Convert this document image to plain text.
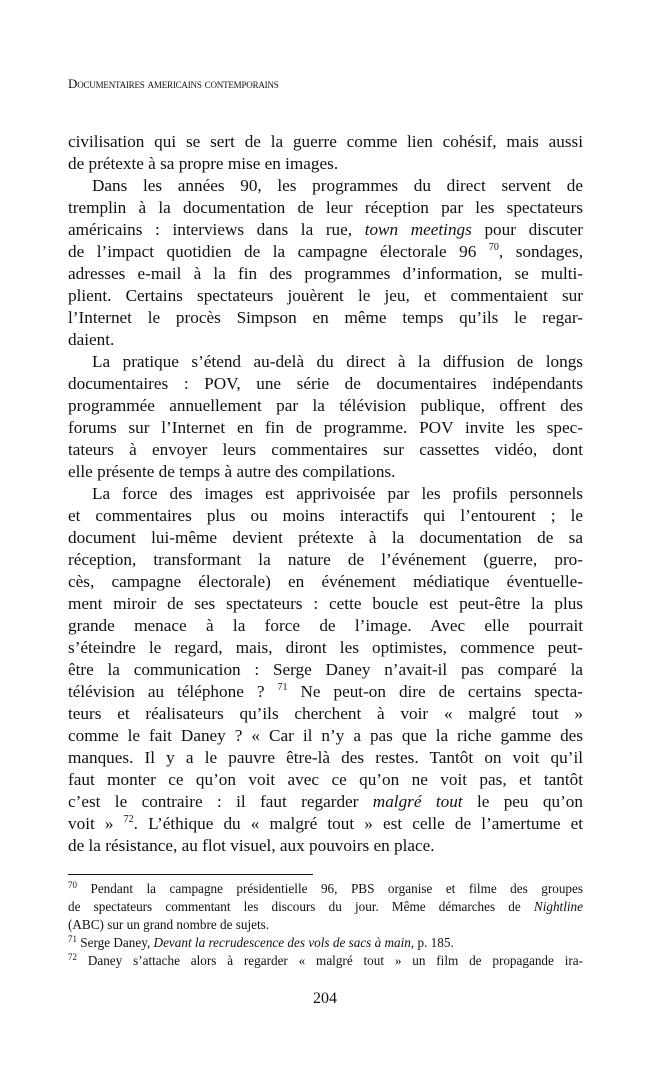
Documentaires americains contemporains
civilisation qui se sert de la guerre comme lien cohésif, mais aussi
de prétexte à sa propre mise en images.
Dans les années 90, les programmes du direct servent de
tremplin à la documentation de leur réception par les spectateurs
américains : interviews dans la rue, town meetings pour discuter
de l’impact quotidien de la campagne électorale 96 $^{70}$, sondages,
adresses e-mail à la fin des programmes d’information, se multi-
plient. Certains spectateurs jouèrent le jeu, et commentaient sur
l’Internet le procès Simpson en même temps qu’ils le regar-
daient.
La pratique s’étend au-delà du direct à la diffusion de longs
documentaires : POV, une série de documentaires indépendants
programmée annuellement par la télévision publique, offrent des
forums sur l’Internet en fin de programme. POV invite les spec-
tateurs à envoyer leurs commentaires sur cassettes vidéo, dont
elle présente de temps à autre des compilations.
La force des images est apprivoisée par les profils personnels
et commentaires plus ou moins interactifs qui l’entourent ; le
document lui-même devient prétexte à la documentation de sa
réception, transformant la nature de l’événement (guerre, pro-
cès, campagne électorale) en événement médiatique éventuelle-
ment miroir de ses spectateurs : cette boucle est peut-être la plus
grande menace à la force de l’image. Avec elle pourrait
s’éteindre le regard, mais, diront les optimistes, commence peut-
être la communication : Serge Daney n’avait-il pas comparé la
télévision au téléphone ? $^{71}$ Ne peut-on dire de certains specta-
teurs et réalisateurs qu’ils cherchent à voir « malgré tout »
comme le fait Daney ? « Car il n’y a pas que la riche gamme des
manques. Il y a le pauvre être-là des restes. Tantôt on voit qu’il
faut monter ce qu’on voit avec ce qu’on ne voit pas, et tantôt
c’est le contraire : il faut regarder malgré tout le peu qu’on
voit » $^{72}$. L’éthique du « malgré tout » est celle de l’amertume et
de la résistance, au flot visuel, aux pouvoirs en place.
$^{70}$ Pendant la campagne présidentielle 96, PBS organise et filme des groupes
de spectateurs commentant les discours du jour. Même démarches de Nightline
(ABC) sur un grand nombre de sujets.
$^{71}$ Serge Daney, Devant la recrudescence des vols de sacs à main, p. 185.
$^{72}$ Daney s’attache alors à regarder « malgré tout » un film de propagande ira-
204
